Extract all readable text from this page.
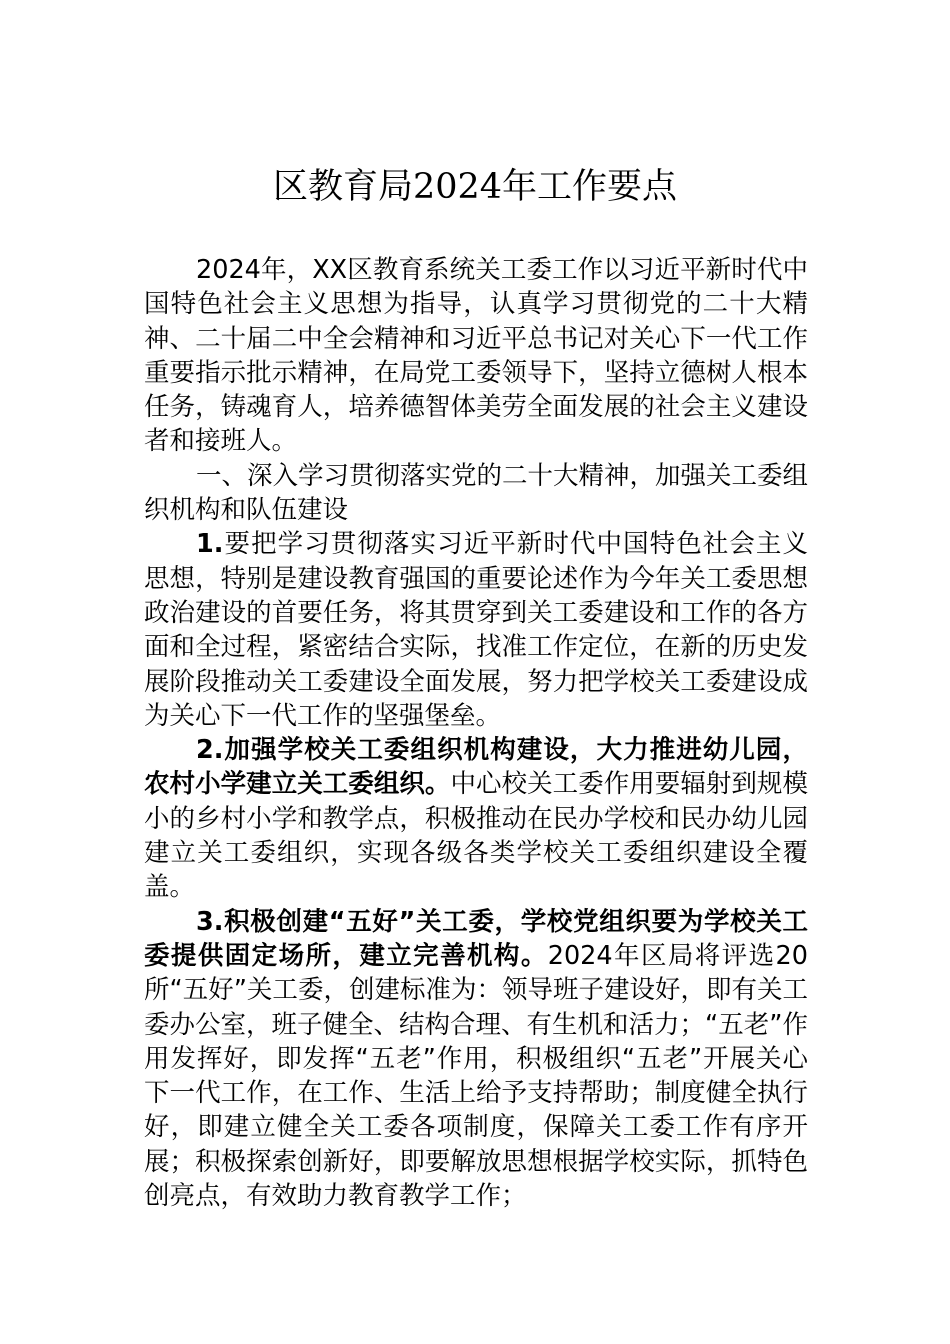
区教育局2024年工作要点

2024年，XX区教育系统关工委工作以习近平新时代中国特色社会主义思想为指导，认真学习贯彻党的二十大精神、二十届二中全会精神和习近平总书记对关心下一代工作重要指示批示精神，在局党工委领导下，坚持立德树人根本任务，铸魂育人，培养德智体美劳全面发展的社会主义建设者和接班人。

一、深入学习贯彻落实党的二十大精神，加强关工委组织机构和队伍建设

1.要把学习贯彻落实习近平新时代中国特色社会主义思想，特别是建设教育强国的重要论述作为今年关工委思想政治建设的首要任务，将其贯穿到关工委建设和工作的各方面和全过程，紧密结合实际，找准工作定位，在新的历史发展阶段推动关工委建设全面发展，努力把学校关工委建设成为关心下一代工作的坚强堡垒。

2.加强学校关工委组织机构建设，大力推进幼儿园，农村小学建立关工委组织。中心校关工委作用要辐射到规模小的乡村小学和教学点，积极推动在民办学校和民办幼儿园建立关工委组织，实现各级各类学校关工委组织建设全覆盖。

3.积极创建“五好”关工委，学校党组织要为学校关工委提供固定场所，建立完善机构。2024年区局将评选20所“五好”关工委，创建标准为：领导班子建设好，即有关工委办公室，班子健全、结构合理、有生机和活力；“五老”作用发挥好，即发挥“五老”作用，积极组织“五老”开展关心下一代工作，在工作、生活上给予支持帮助；制度健全执行好，即建立健全关工委各项制度，保障关工委工作有序开展；积极探索创新好，即要解放思想根据学校实际，抓特色创亮点，有效助力教育教学工作；
